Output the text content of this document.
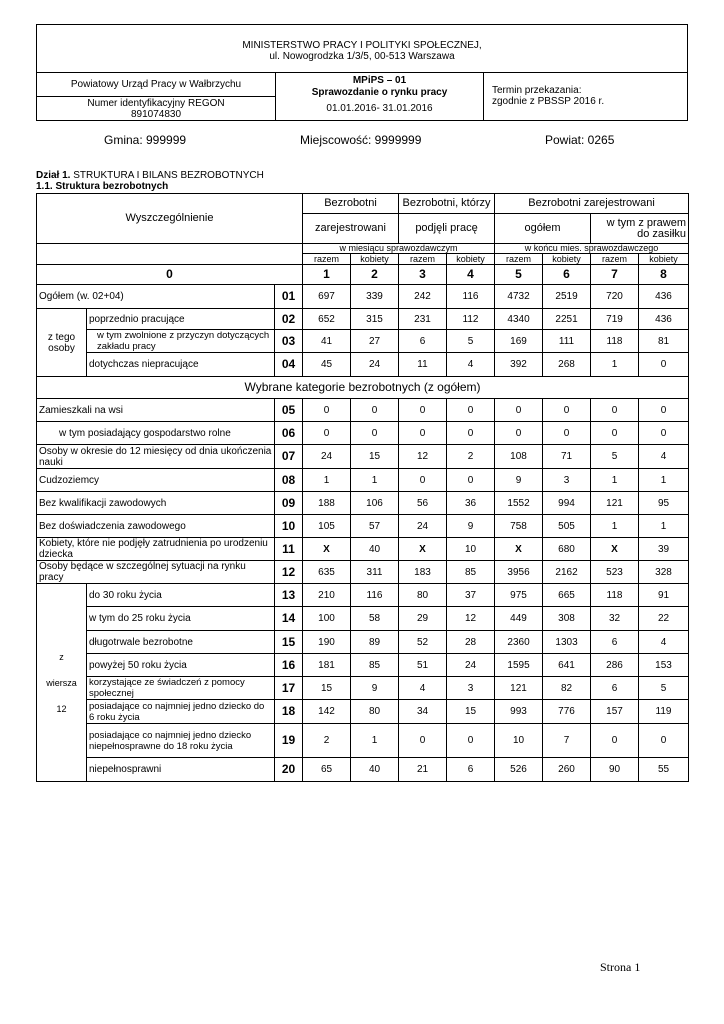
MINISTERSTWO PRACY I POLITYKI SPOŁECZNEJ,
ul. Nowogrodzka 1/3/5, 00-513 Warszawa
Powiatowy Urząd Pracy w Wałbrzychu
Numer identyfikacyjny REGON
891074830
MPiPS – 01
Sprawozdanie o rynku pracy
01.01.2016- 31.01.2016
Termin przekazania:
zgodnie z PBSSP 2016 r.
Gmina: 999999	Miejscowość: 9999999	Powiat: 0265
Dział 1. STRUKTURA I BILANS BEZROBOTNYCH
1.1. Struktura bezrobotnych
Wyszczególnienie			Bezrobotni		Bezrobotni, którzy		Bezrobotni zarejestrowani			
			zarejestrowani		podjęli pracę		ogółem		w tym z prawem do zasiłku	
			w miesiącu sprawozdawczym				w końcu mies. sprawozdawczego			
			razem	kobiety	razem	kobiety	razem	kobiety	razem	kobiety
0			1	2	3	4	5	6	7	8
Ogółem (w. 02+04)		01	697	339	242	116	4732	2519	720	436
z tego osoby	poprzednio pracujące	02	652	315	231	112	4340	2251	719	436
	w tym zwolnione z przyczyn dotyczących zakładu pracy	03	41	27	6	5	169	111	118	81
	dotychczas niepracujące	04	45	24	11	4	392	268	1	0
Wybrane kategorie bezrobotnych (z ogółem)										
Zamieszkali na wsi		05	0	0	0	0	0	0	0	0
w tym posiadający gospodarstwo rolne		06	0	0	0	0	0	0	0	0
Osoby w okresie do 12 miesięcy od dnia ukończenia nauki		07	24	15	12	2	108	71	5	4
Cudzoziemcy		08	1	1	0	0	9	3	1	1
Bez kwalifikacji zawodowych		09	188	106	56	36	1552	994	121	95
Bez doświadczenia zawodowego		10	105	57	24	9	758	505	1	1
Kobiety, które nie podjęły zatrudnienia po urodzeniu dziecka		11	X	40	X	10	X	680	X	39
Osoby będące w szczególnej sytuacji na rynku pracy		12	635	311	183	85	3956	2162	523	328

z
wiersza
12	do 30 roku życia	13	210	116	80	37	975	665	118	91
	w tym do 25 roku życia	14	100	58	29	12	449	308	32	22
	długotrwale bezrobotne	15	190	89	52	28	2360	1303	6	4
	powyżej 50 roku życia	16	181	85	51	24	1595	641	286	153
	korzystające ze świadczeń z pomocy społecznej	17	15	9	4	3	121	82	6	5
	posiadające co najmniej jedno dziecko do 6 roku życia	18	142	80	34	15	993	776	157	119
	posiadające co najmniej jedno dziecko niepełnosprawne do 18 roku życia	19	2	1	0	0	10	7	0	0
	niepełnosprawni	20	65	40	21	6	526	260	90	55
Strona 1
